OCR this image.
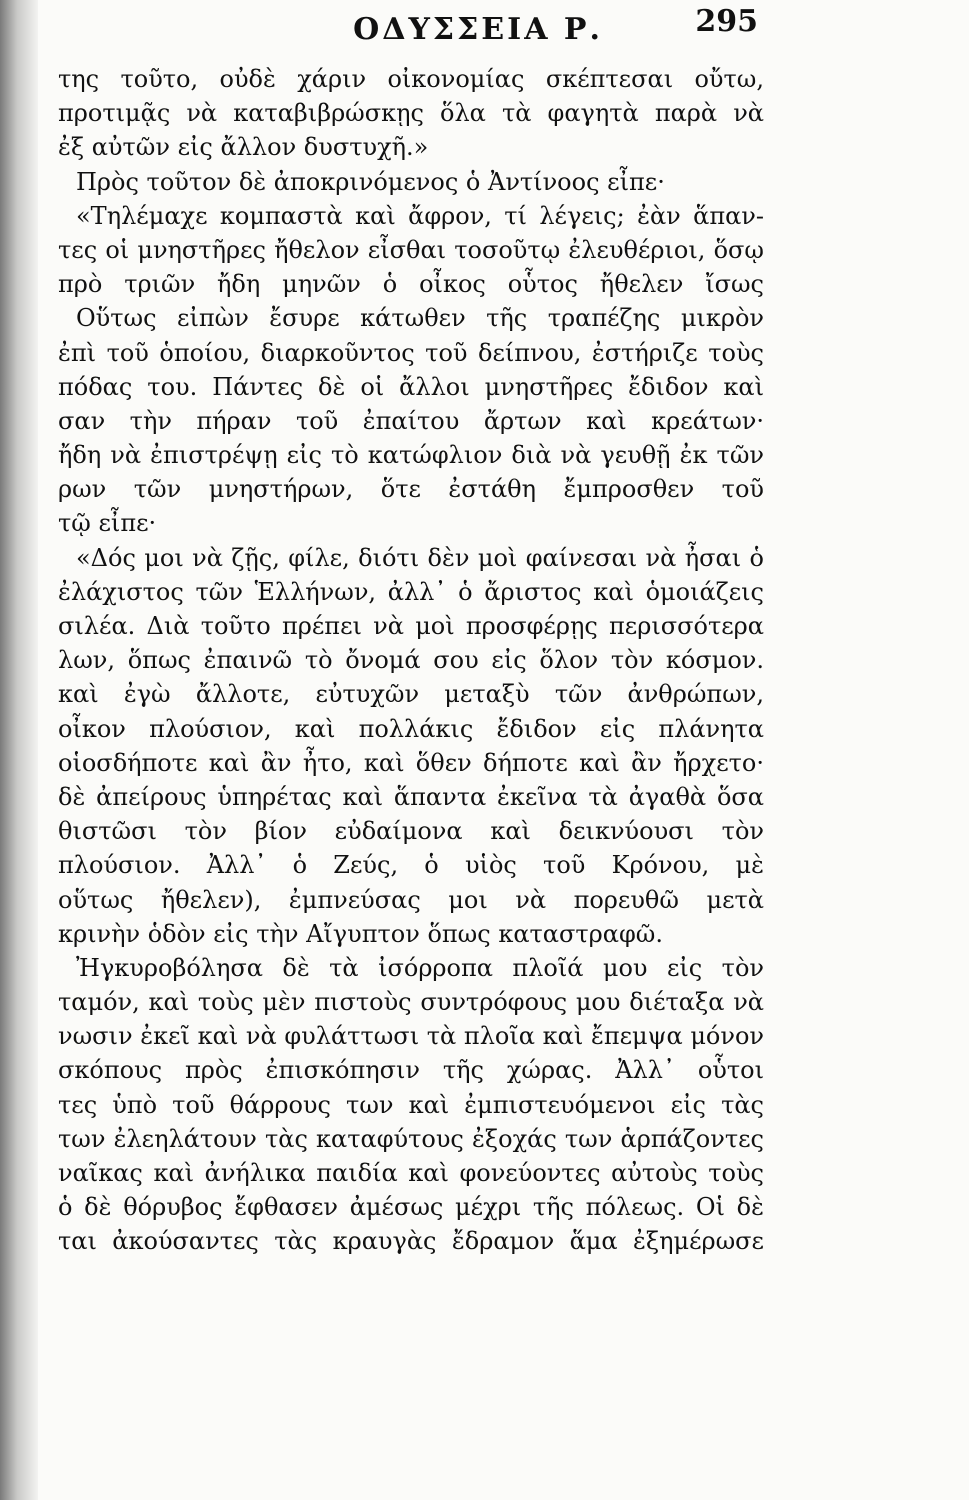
ΟΔΥΣΣΕΙΑ Ρ.	295
της τοῦτο, οὐδὲ χάριν οἰκονομίας σκέπτεσαι οὔτω,
προτιμᾷς νὰ καταβιβρώσκῃς ὅλα τὰ φαγητὰ παρὰ νὰ
ἐξ αὐτῶν εἰς ἄλλον δυστυχῆ.»
Πρὸς τοῦτον δὲ ἀποκρινόμενος ὁ Ἀντίνοος εἶπε·
«Τηλέμαχε κομπαστὰ καὶ ἄφρον, τί λέγεις; ἐὰν ἅπαν-
τες οἱ μνηστῆρες ἤθελον εἶσθαι τοσοῦτῳ ἐλευθέριοι, ὅσῳ
πρὸ τριῶν ἤδη μηνῶν ὁ οἶκος οὗτος ἤθελεν ἴσως
Οὕτως εἰπὼν ἔσυρε κάτωθεν τῆς τραπέζης μικρὸν
ἐπὶ τοῦ ὁποίου, διαρκοῦντος τοῦ δείπνου, ἐστήριζε τοὺς
πόδας του. Πάντες δὲ οἱ ἄλλοι μνηστῆρες ἔδιδον καὶ
σαν τὴν πήραν τοῦ ἐπαίτου ἄρτων καὶ κρεάτων·
ἤδη νὰ ἐπιστρέψῃ εἰς τὸ κατώφλιον διὰ νὰ γευθῇ ἐκ τῶν
ρων τῶν μνηστήρων, ὅτε ἐστάθη ἔμπροσθεν τοῦ
τῷ εἶπε·
«Δός μοι νὰ ζῇς, φίλε, διότι δὲν μοὶ φαίνεσαι νὰ ἦσαι ὁ
ἐλάχιστος τῶν Ἑλλήνων, ἀλλ᾽ ὁ ἄριστος καὶ ὁμοιάζεις
σιλέα. Διὰ τοῦτο πρέπει νὰ μοὶ προσφέρῃς περισσότερα
λων, ὅπως ἐπαινῶ τὸ ὄνομά σου εἰς ὅλον τὸν κόσμον.
καὶ ἐγὼ ἄλλοτε, εὐτυχῶν μεταξὺ τῶν ἀνθρώπων,
οἶκον πλούσιον, καὶ πολλάκις ἔδιδον εἰς πλάνητα
οἱοσδήποτε καὶ ἂν ἦτο, καὶ ὅθεν δήποτε καὶ ἂν ἤρχετο·
δὲ ἀπείρους ὑπηρέτας καὶ ἅπαντα ἐκεῖνα τὰ ἀγαθὰ ὅσα
θιστῶσι τὸν βίον εὐδαίμονα καὶ δεικνύουσι τὸν
πλούσιον. Ἀλλ᾽ ὁ Ζεύς, ὁ υἱὸς τοῦ Κρόνου, μὲ
οὕτως ἤθελεν), ἐμπνεύσας μοι νὰ πορευθῶ μετὰ
κρινὴν ὁδὸν εἰς τὴν Αἴγυπτον ὅπως καταστραφῶ.
Ἠγκυροβόλησα δὲ τὰ ἰσόρροπα πλοῖά μου εἰς τὸν
ταμόν, καὶ τοὺς μὲν πιστοὺς συντρόφους μου διέταξα νὰ
νωσιν ἐκεῖ καὶ νὰ φυλάττωσι τὰ πλοῖα καὶ ἔπεμψα μόνον
σκόπους πρὸς ἐπισκόπησιν τῆς χώρας. Ἀλλ᾽ οὗτοι
τες ὑπὸ τοῦ θάρρους των καὶ ἐμπιστευόμενοι εἰς τὰς
των ἐλεηλάτουν τὰς καταφύτους ἐξοχάς των ἁρπάζοντες
ναῖκας καὶ ἀνήλικα παιδία καὶ φονεύοντες αὐτοὺς τοὺς
ὁ δὲ θόρυβος ἔφθασεν ἀμέσως μέχρι τῆς πόλεως. Οἱ δὲ
ται ἀκούσαντες τὰς κραυγὰς ἔδραμον ἅμα ἐξημέρωσε
